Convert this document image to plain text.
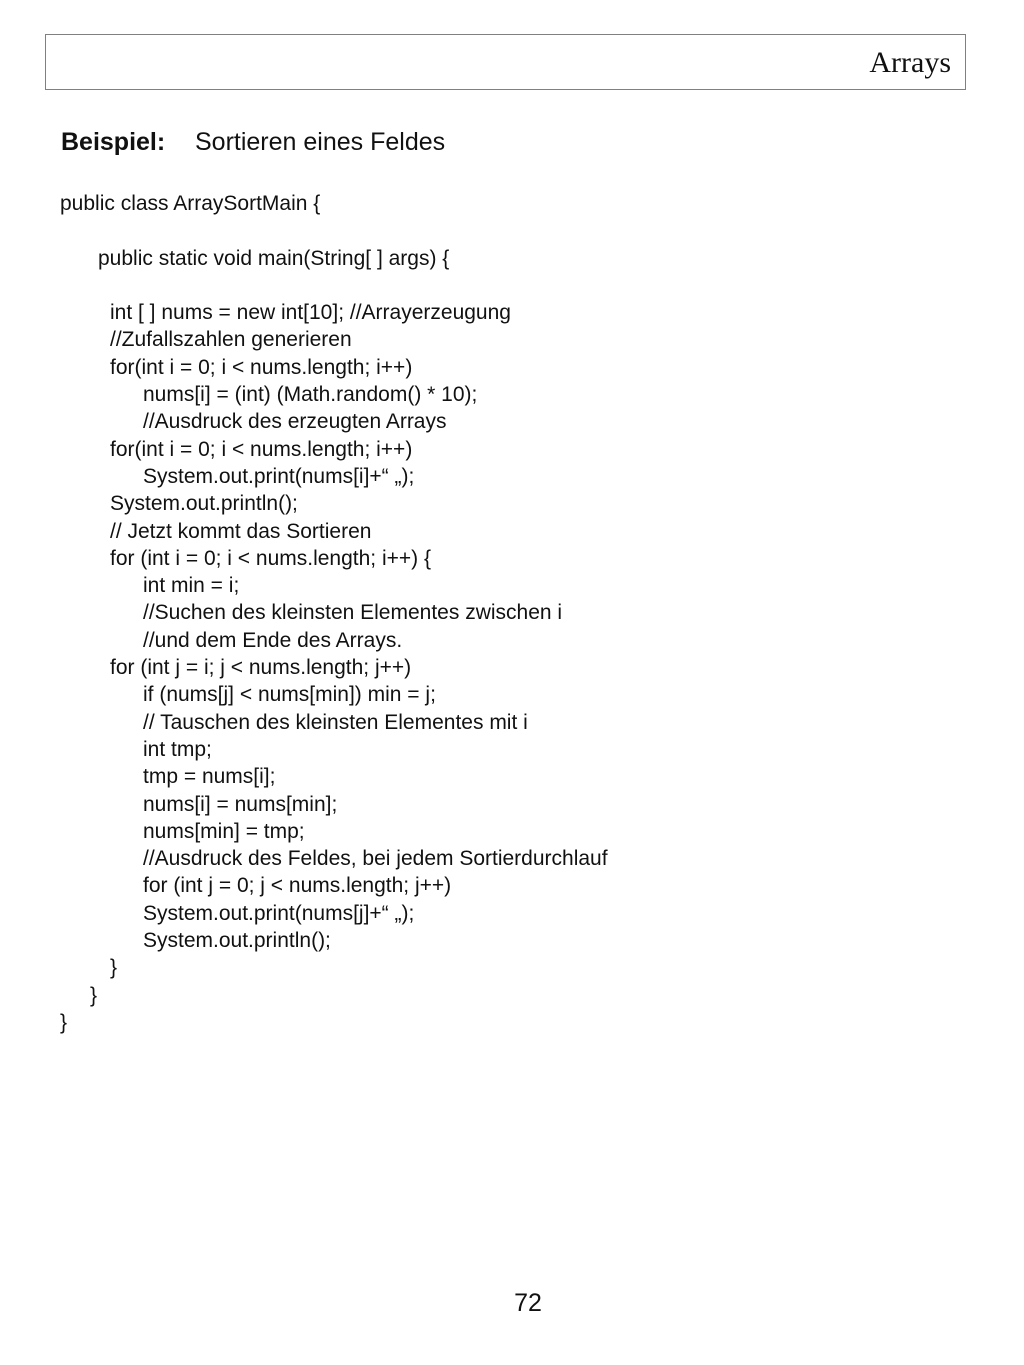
Arrays
Beispiel: Sortieren eines Feldes
public class ArraySortMain {
public static void main(String[ ] args) {
int [ ] nums = new int[10]; //Arrayerzeugung
//Zufallszahlen generieren
for(int i = 0; i < nums.length; i++)
nums[i] = (int) (Math.random() * 10);
//Ausdruck des erzeugten Arrays
for(int i = 0; i < nums.length; i++)
System.out.print(nums[i]+“ „);
System.out.println();
// Jetzt kommt das Sortieren
for (int i = 0; i < nums.length; i++) {
int min = i;
//Suchen des kleinsten Elementes zwischen i
//und dem Ende des Arrays.
for (int j = i; j < nums.length; j++)
if (nums[j] < nums[min]) min = j;
// Tauschen des kleinsten Elementes mit i
int tmp;
tmp = nums[i];
nums[i] = nums[min];
nums[min] = tmp;
//Ausdruck des Feldes, bei jedem Sortierdurchlauf
for (int j = 0; j < nums.length; j++)
System.out.print(nums[j]+“ „);
System.out.println();
}
}
}
72
